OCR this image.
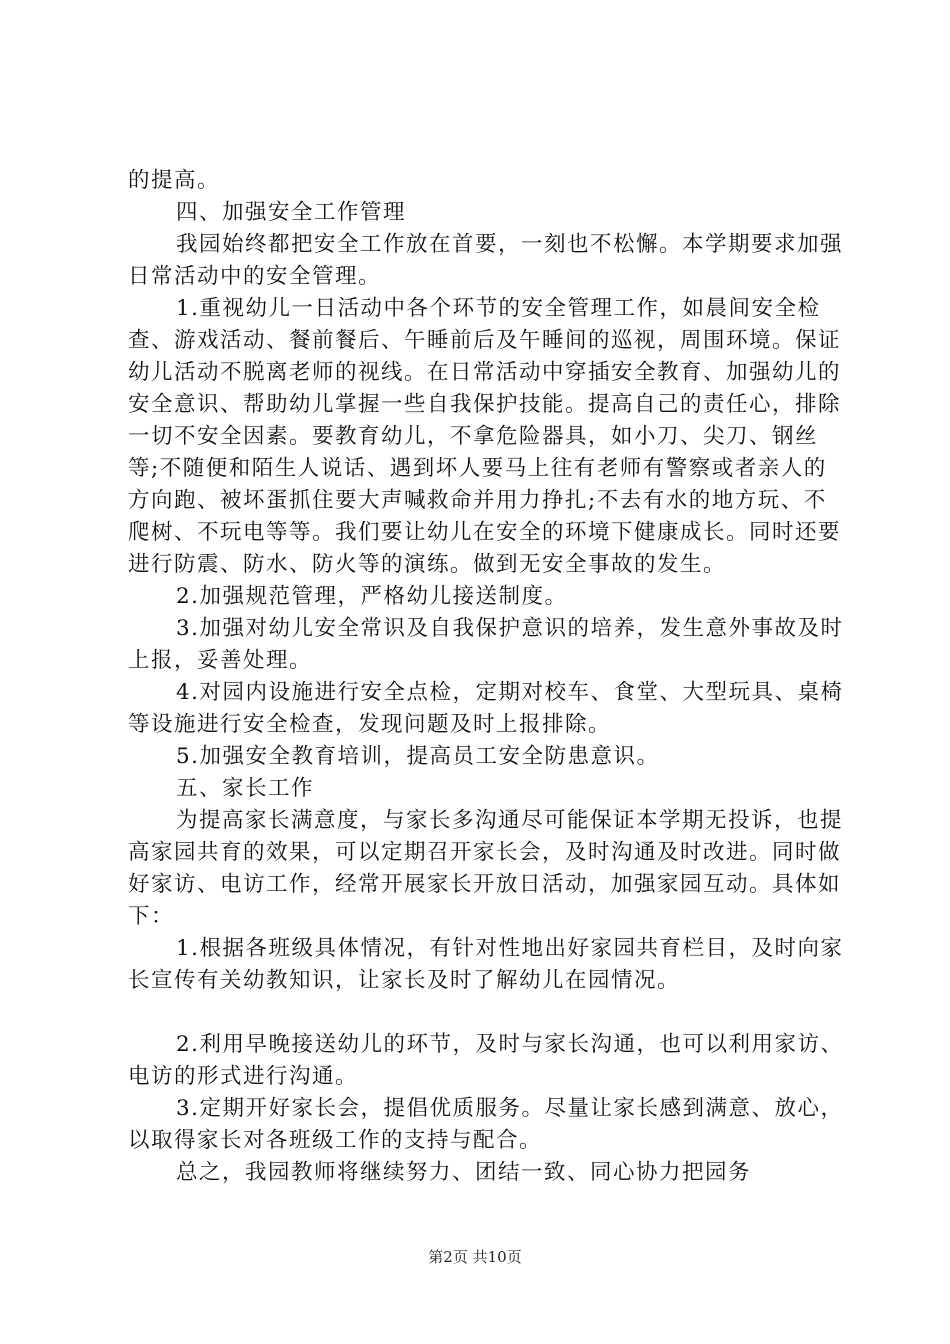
的提高。

四、加强安全工作管理

我园始终都把安全工作放在首要，一刻也不松懈。本学期要求加强日常活动中的安全管理。

1.重视幼儿一日活动中各个环节的安全管理工作，如晨间安全检查、游戏活动、餐前餐后、午睡前后及午睡间的巡视，周围环境。保证幼儿活动不脱离老师的视线。在日常活动中穿插安全教育、加强幼儿的安全意识、帮助幼儿掌握一些自我保护技能。提高自己的责任心，排除一切不安全因素。要教育幼儿，不拿危险器具，如小刀、尖刀、钢丝等;不随便和陌生人说话、遇到坏人要马上往有老师有警察或者亲人的方向跑、被坏蛋抓住要大声喊救命并用力挣扎;不去有水的地方玩、不爬树、不玩电等等。我们要让幼儿在安全的环境下健康成长。同时还要进行防震、防水、防火等的演练。做到无安全事故的发生。

2.加强规范管理，严格幼儿接送制度。

3.加强对幼儿安全常识及自我保护意识的培养，发生意外事故及时上报，妥善处理。

4.对园内设施进行安全点检，定期对校车、食堂、大型玩具、桌椅等设施进行安全检查，发现问题及时上报排除。

5.加强安全教育培训，提高员工安全防患意识。

五、家长工作

为提高家长满意度，与家长多沟通尽可能保证本学期无投诉，也提高家园共育的效果，可以定期召开家长会，及时沟通及时改进。同时做好家访、电访工作，经常开展家长开放日活动，加强家园互动。具体如下：

1.根据各班级具体情况，有针对性地出好家园共育栏目，及时向家长宣传有关幼教知识，让家长及时了解幼儿在园情况。

2.利用早晚接送幼儿的环节，及时与家长沟通，也可以利用家访、电访的形式进行沟通。

3.定期开好家长会，提倡优质服务。尽量让家长感到满意、放心，以取得家长对各班级工作的支持与配合。

总之，我园教师将继续努力、团结一致、同心协力把园务

第2页 共10页
